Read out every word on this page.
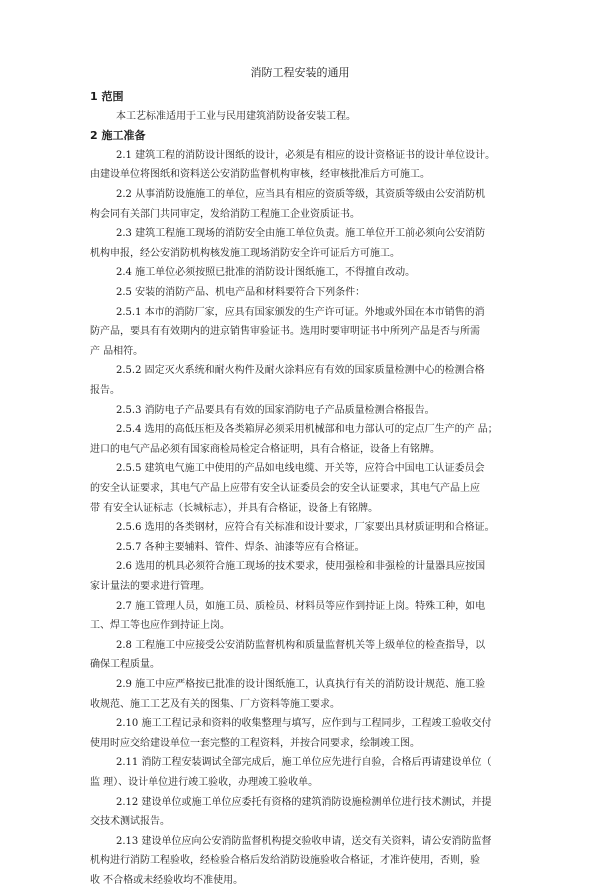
消防工程安装的通用
1 范围
本工艺标准适用于工业与民用建筑消防设备安装工程。
2 施工准备
2.1 建筑工程的消防设计图纸的设计，必须是有相应的设计资格证书的设计单位设计。
由建设单位将图纸和资料送公安消防监督机构审核，经审核批准后方可施工。
2.2 从事消防设施施工的单位，应当具有相应的资质等级，其资质等级由公安消防机
构会同有关部门共同审定，发给消防工程施工企业资质证书。
2.3 建筑工程施工现场的消防安全由施工单位负责。施工单位开工前必须向公安消防
机构申报，经公安消防机构核发施工现场消防安全许可证后方可施工。
2.4 施工单位必须按照已批准的消防设计图纸施工，不得擅自改动。
2.5 安装的消防产品、机电产品和材料要符合下列条件：
2.5.1 本市的消防厂家，应具有国家颁发的生产许可证。外地或外国在本市销售的消
防产品，要具有有效期内的进京销售审验证书。选用时要审明证书中所列产品是否与所需
产 品相符。
2.5.2 固定灭火系统和耐火构件及耐火涂料应有有效的国家质量检测中心的检测合格
报告。
2.5.3 消防电子产品要具有有效的国家消防电子产品质量检测合格报告。
2.5.4 选用的高低压柜及各类箱屏必须采用机械部和电力部认可的定点厂生产的产 品；
进口的电气产品必须有国家商检局检定合格证明，具有合格证，设备上有铭牌。
2.5.5 建筑电气施工中使用的产品如电线电缆、开关等，应符合中国电工认证委员会
的安全认证要求，其电气产品上应带有安全认证委员会的安全认证要求，其电气产品上应
带 有安全认证标志（长城标志），并具有合格证，设备上有铭牌。
2.5.6 选用的各类钢材，应符合有关标准和设计要求，厂家要出具材质证明和合格证。
2.5.7 各种主要辅料、管件、焊条、油漆等应有合格证。
2.6 选用的机具必须符合施工现场的技术要求，使用强检和非强检的计量器具应按国
家计量法的要求进行管理。
2.7 施工管理人员，如施工员、质检员、材料员等应作到持证上岗。特殊工种，如电
工、焊工等也应作到持证上岗。
2.8 工程施工中应接受公安消防监督机构和质量监督机关等上级单位的检查指导，以
确保工程质量。
2.9 施工中应严格按已批准的设计图纸施工，认真执行有关的消防设计规范、施工验
收规范、施工工艺及有关的图集、厂方资料等施工要求。
2.10 施工工程记录和资料的收集整理与填写，应作到与工程同步，工程竣工验收交付
使用时应交给建设单位一套完整的工程资料，并按合同要求，绘制竣工图。
2.11 消防工程安装调试全部完成后，施工单位应先进行自验，合格后再请建设单位（
监 理）、设计单位进行竣工验收，办理竣工验收单。
2.12 建设单位或施工单位应委托有资格的建筑消防设施检测单位进行技术测试，并提
交技术测试报告。
2.13 建设单位应向公安消防监督机构提交验收申请，送交有关资料，请公安消防监督
机构进行消防工程验收，经检验合格后发给消防设施验收合格证，才准许使用，否则，验
收 不合格或未经验收均不准使用。
